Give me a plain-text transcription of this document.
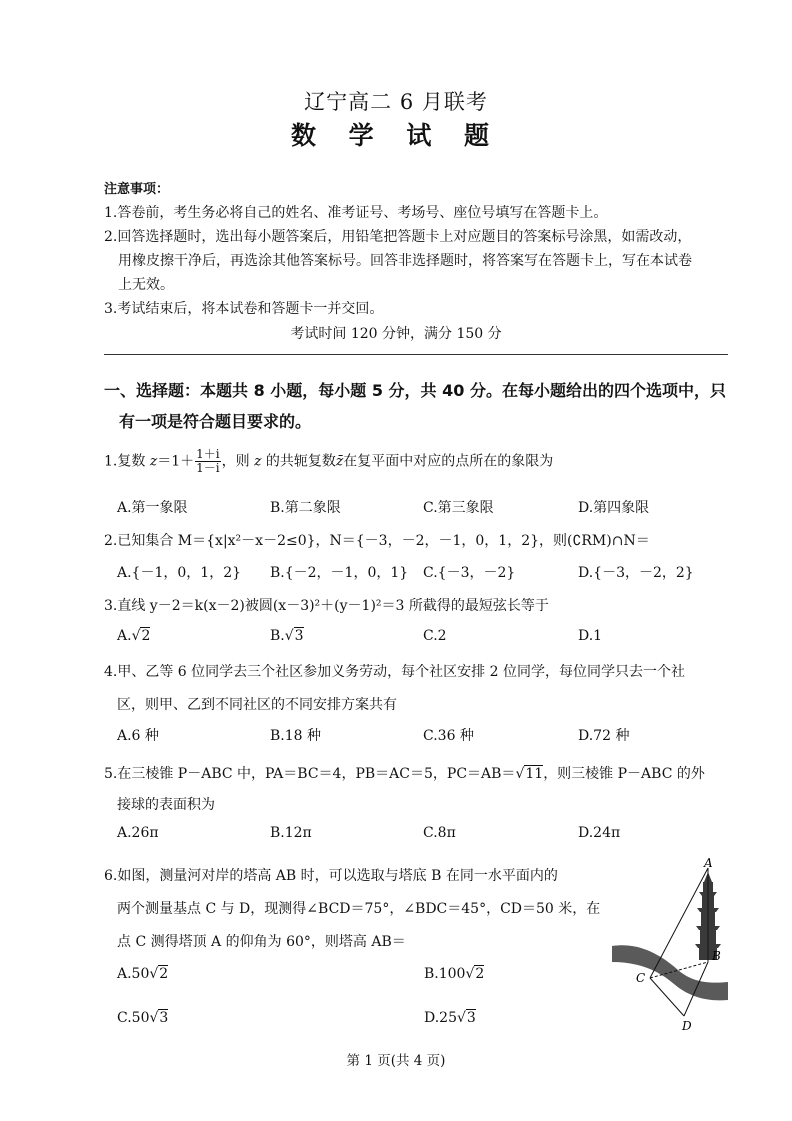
辽宁高二 6 月联考
数 学 试 题
注意事项：
1.答卷前，考生务必将自己的姓名、准考证号、考场号、座位号填写在答题卡上。
2.回答选择题时，选出每小题答案后，用铅笔把答题卡上对应题目的答案标号涂黑，如需改动，
用橡皮擦干净后，再选涂其他答案标号。回答非选择题时，将答案写在答题卡上，写在本试卷
上无效。
3.考试结束后，将本试卷和答题卡一并交回。
考试时间 120 分钟，满分 150 分
一、选择题：本题共 8 小题，每小题 5 分，共 40 分。在每小题给出的四个选项中，只
有一项是符合题目要求的。
1.复数 $z=1+ \frac{1+i}{1-i}$ ，则 z 的共轭复数z̄在复平面中对应的点所在的象限为
A.第一象限	B.第二象限	C.第三象限	D.第四象限
2.已知集合 M＝{x|x²－x－2≤0}，N＝{－3，－2，－1，0，1，2}，则(∁RM)∩N＝
A.{－1，0，1，2} B.{－2，－1，0，1} C.{－3，－2}	D.{－3，－2，2}
3.直线 y－2＝k(x－2)被圆(x－3)²＋(y－1)²＝3 所截得的最短弦长等于
A.√2	B.√3	C.2	D.1
4.甲、乙等 6 位同学去三个社区参加义务劳动，每个社区安排 2 位同学，每位同学只去一个社
区，则甲、乙到不同社区的不同安排方案共有
A.6 种	B.18 种	C.36 种	D.72 种
5.在三棱锥 P－ABC 中，PA＝BC＝4，PB＝AC＝5，PC＝AB＝√11，则三棱锥 P－ABC 的外
接球的表面积为
A.26π	B.12π	C.8π	D.24π
6.如图，测量河对岸的塔高 AB 时，可以选取与塔底 B 在同一水平面内的
两个测量基点 C 与 D，现测得∠BCD＝75°，∠BDC＝45°，CD＝50 米，在
点 C 测得塔顶 A 的仰角为 60°，则塔高 AB＝
A.50√2	B.100√2
C.50√3	D.25√3
A
B
C
D
第 1 页(共 4 页)
